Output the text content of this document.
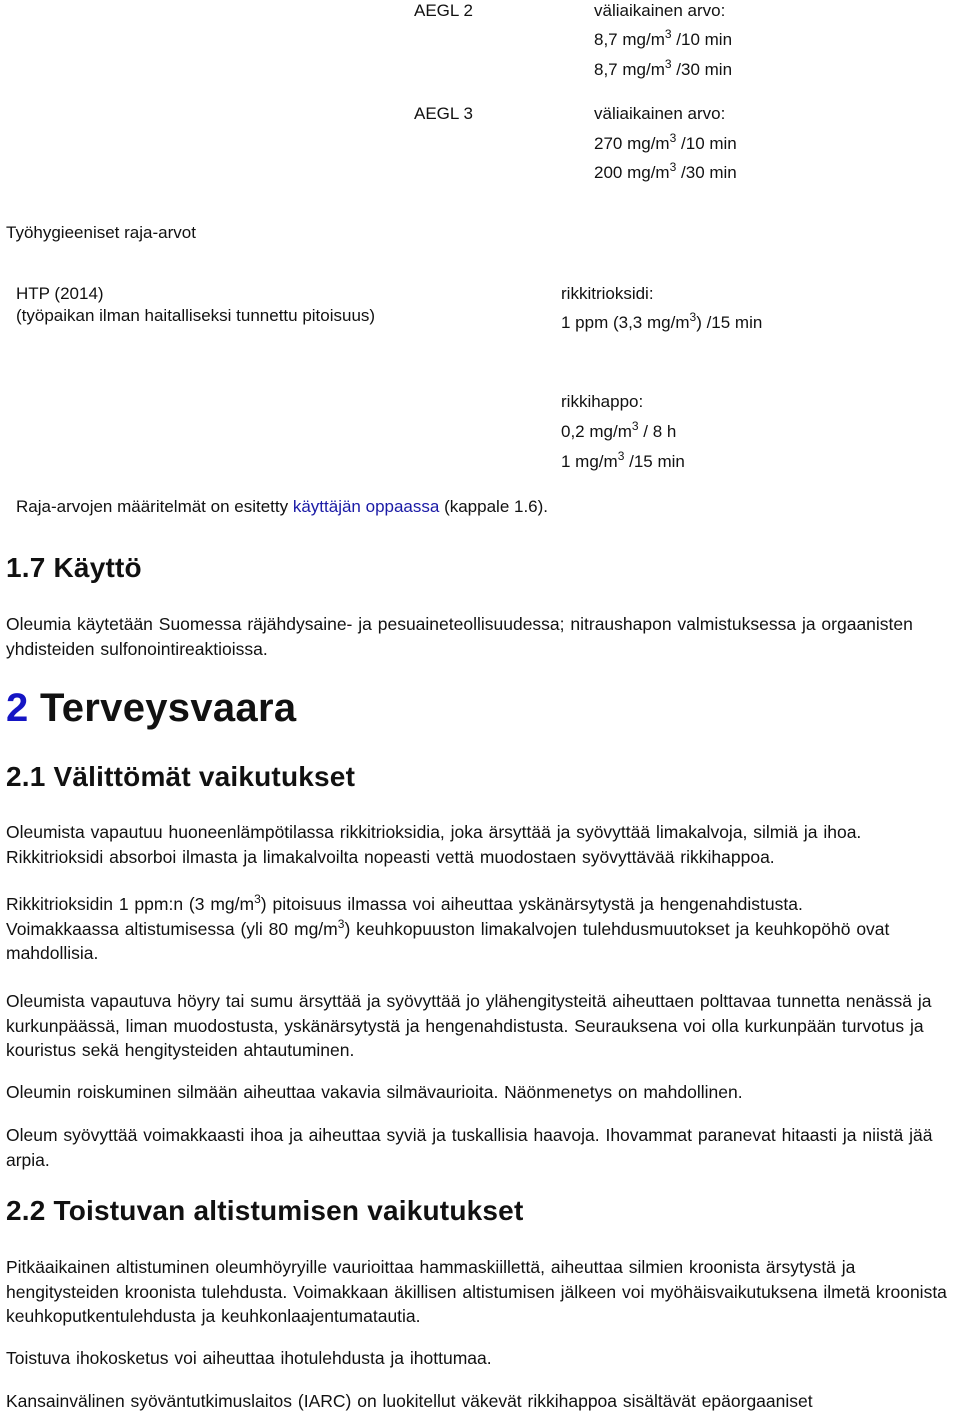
AEGL 2	väliaikainen arvo:
8,7 $mg/m^3$ /10 min
8,7 $mg/m^3$ /30 min
AEGL 3	väliaikainen arvo:
270 $mg/m^3$ /10 min
200 $mg/m^3$ /30 min
Työhygieeniset raja-arvot
HTP (2014)
(työpaikan ilman haitalliseksi tunnettu pitoisuus)
rikkitrioksidi:
1 ppm (3,3 $mg/m^3$) /15 min
rikkihappo:
0,2 $mg/m^3 / 8$ h
1 $mg/m^3$ /15 min
Raja-arvojen määritelmät on esitetty käyttäjän oppaassa (kappale 1.6).
1.7 Käyttö
Oleumia käytetään Suomessa räjähdysaine- ja pesuaineteollisuudessa; nitraushapon valmistuksessa ja orgaanisten yhdisteiden sulfonointireaktioissa.
2 Terveysvaara
2.1 Välittömät vaikutukset
Oleumista vapautuu huoneenlämpötilassa rikkitrioksidia, joka ärsyttää ja syövyttää limakalvoja, silmiä ja ihoa. Rikkitrioksidi absorboi ilmasta ja limakalvoilta nopeasti vettä muodostaen syövyttävää rikkihappoa.
Rikkitrioksidin 1 ppm:n (3 $mg/m^3$) pitoisuus ilmassa voi aiheuttaa yskänärsytystä ja hengenahdistusta.
Voimakkaassa altistumisessa (yli 80 $mg/m^3$) keuhkopuuston limakalvojen tulehdusmuutokset ja keuhkopöhö ovat mahdollisia.
Oleumista vapautuva höyry tai sumu ärsyttää ja syövyttää jo ylähengitysteitä aiheuttaen polttavaa tunnetta nenässä ja kurkunpäässä, liman muodostusta, yskänärsytystä ja hengenahdistusta. Seurauksena voi olla kurkunpään turvotus ja kouristus sekä hengitysteiden ahtautuminen.
Oleumin roiskuminen silmään aiheuttaa vakavia silmävaurioita. Näönmenetys on mahdollinen.
Oleum syövyttää voimakkaasti ihoa ja aiheuttaa syviä ja tuskallisia haavoja. Ihovammat paranevat hitaasti ja niistä jää arpia.
2.2 Toistuvan altistumisen vaikutukset
Pitkäaikainen altistuminen oleumhöyryille vaurioittaa hammaskiillettä, aiheuttaa silmien kroonista ärsytystä ja hengitysteiden kroonista tulehdusta. Voimakkaan äkillisen altistumisen jälkeen voi myöhäisvaikutuksena ilmetä kroonista keuhkoputkentulehdusta ja keuhkonlaajentumatautia.
Toistuva ihokosketus voi aiheuttaa ihotulehdusta ja ihottumaa.
Kansainvälinen syöväntutkimuslaitos (IARC) on luokitellut väkevät rikkihappoa sisältävät epäorgaaniset
